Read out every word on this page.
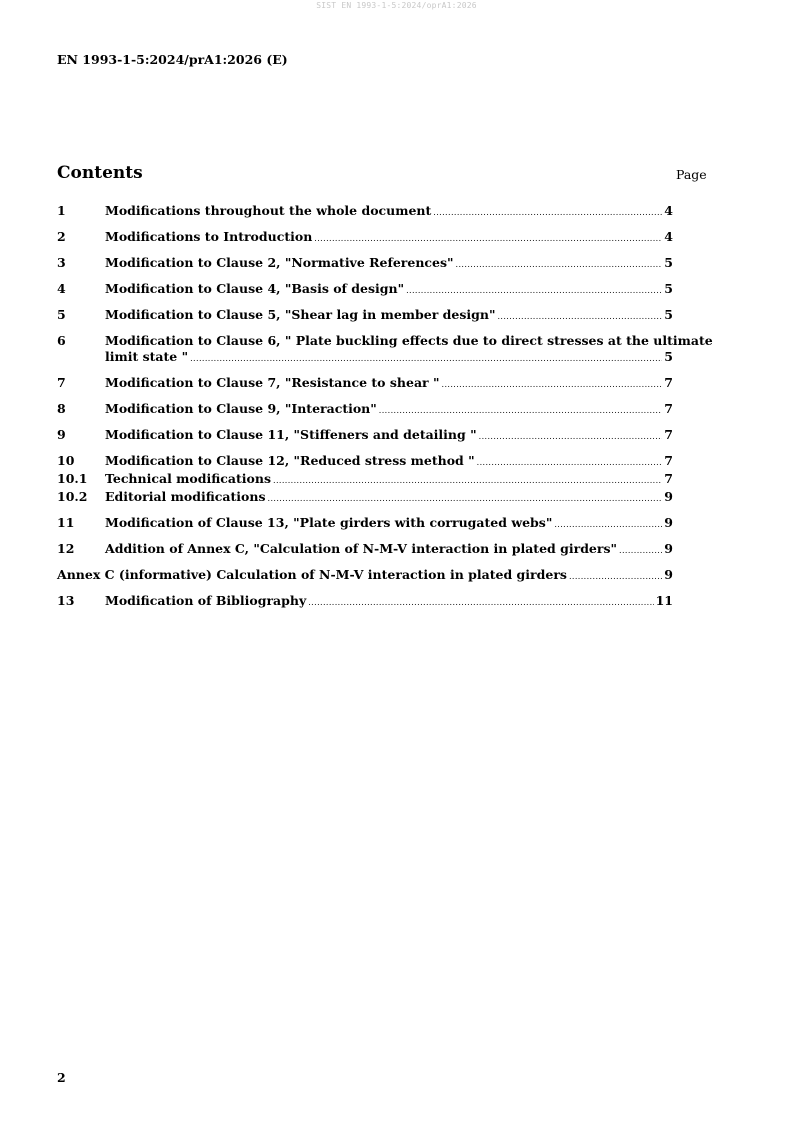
SIST EN 1993-1-5:2024/oprA1:2026
EN 1993-1-5:2024/prA1:2026 (E)
Contents	Page
1	Modifications throughout the whole document .....	4
2	Modifications to Introduction .....	4
3	Modification to Clause 2, "Normative References" .....	5
4	Modification to Clause 4, "Basis of design" .....	5
5	Modification to Clause 5, "Shear lag in member design" .....	5
6	Modification to Clause 6, " Plate buckling effects due to direct stresses at the ultimate
limit state " .....	5
7	Modification to Clause 7, "Resistance to shear " .....	7
8	Modification to Clause 9, "Interaction" .....	7
9	Modification to Clause 11, "Stiffeners and detailing " .....	7
10	Modification to Clause 12, "Reduced stress method " .....	7
10.1	Technical modifications .....	7
10.2	Editorial modifications .....	9
11	Modification of Clause 13, "Plate girders with corrugated webs" .....	9
12	Addition of Annex C, "Calculation of N-M-V interaction in plated girders" .....	9
Annex C (informative) Calculation of N-M-V interaction in plated girders .....	9
13	Modification of Bibliography .....	11
2
